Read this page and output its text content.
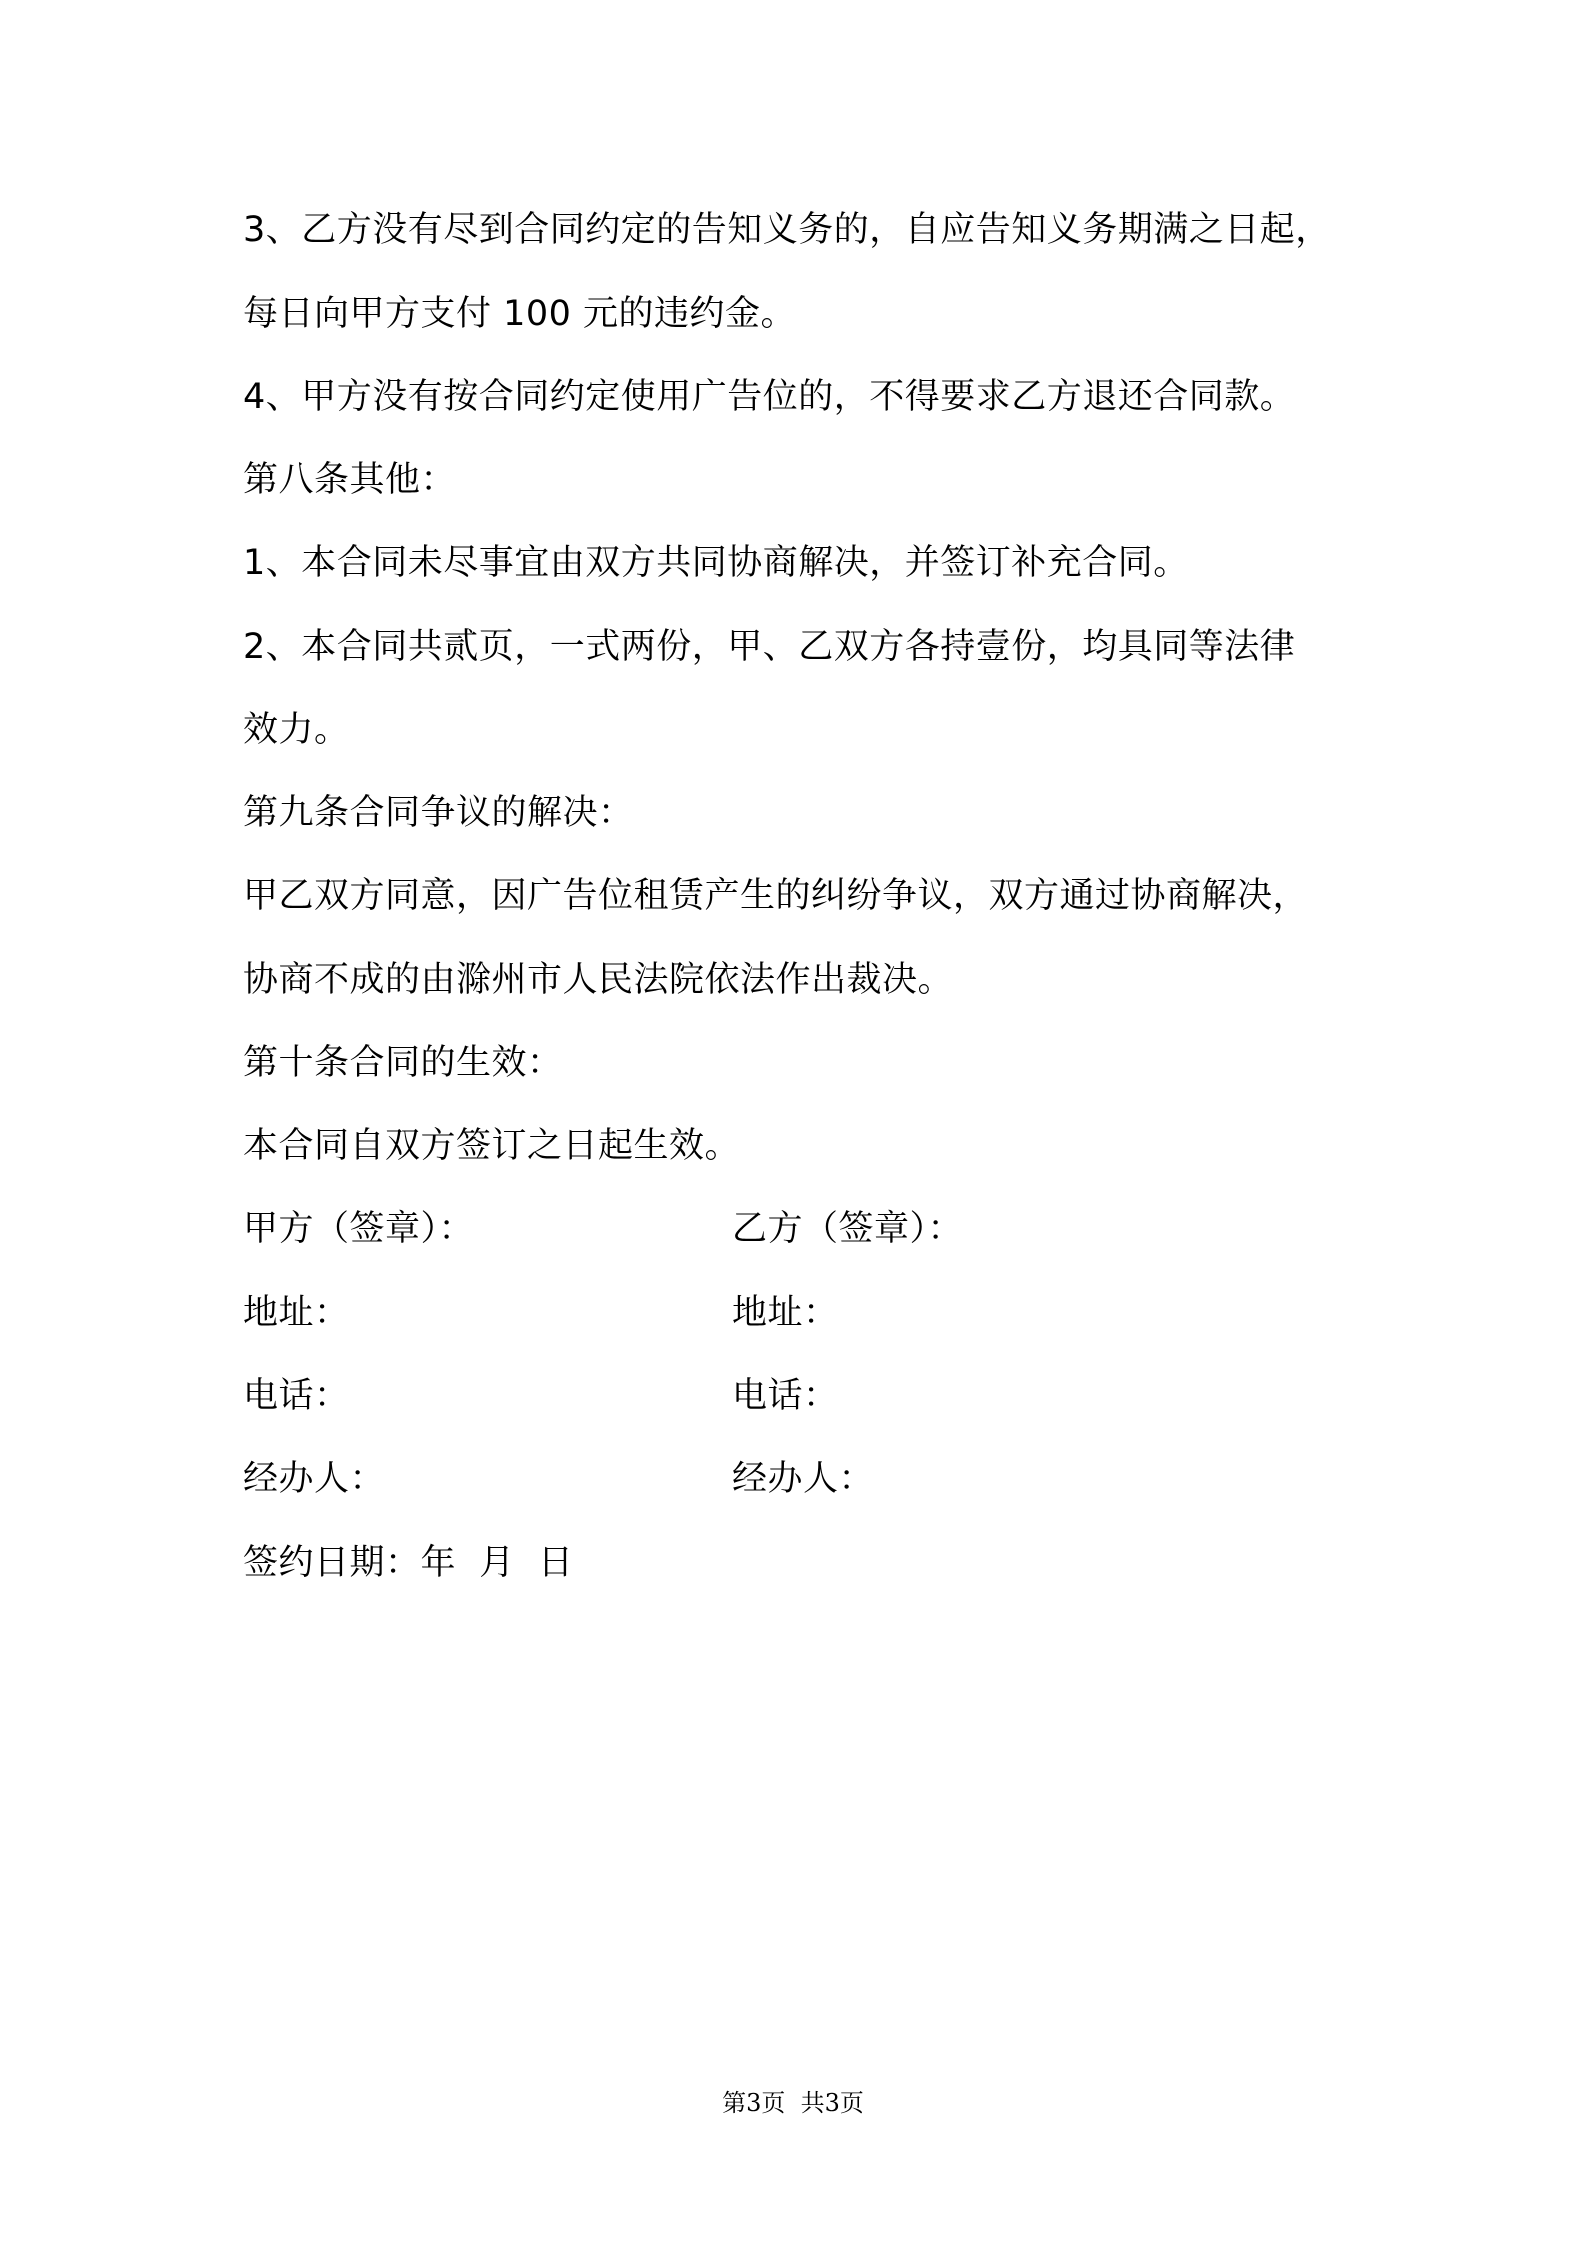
3、乙方没有尽到合同约定的告知义务的，自应告知义务期满之日起，
每日向甲方支付 100 元的违约金。
4、甲方没有按合同约定使用广告位的，不得要求乙方退还合同款。
第八条其他：
1、本合同未尽事宜由双方共同协商解决，并签订补充合同。
2、本合同共贰页，一式两份，甲、乙双方各持壹份，均具同等法律
效力。
第九条合同争议的解决：
甲乙双方同意，因广告位租赁产生的纠纷争议，双方通过协商解决，
协商不成的由滁州市人民法院依法作出裁决。
第十条合同的生效：
本合同自双方签订之日起生效。
甲方（签章）：	乙方（签章）：
地址：	地址：
电话：	电话：
经办人：	经办人：
签约日期：年  月  日
第3页  共3页
